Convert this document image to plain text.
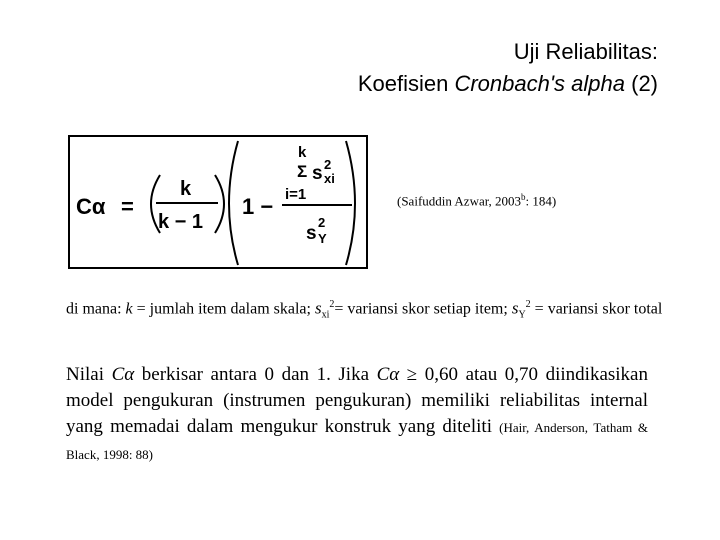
Uji Reliabilitas:
Koefisien Cronbach's alpha (2)
Cα =
k
k − 1
1 −
k
Σ s 2
xi
i=1
s
2
Y
(Saifuddin Azwar, 2003$^b$: 184)
di mana: k = jumlah item dalam skala; $s_{xi}^2=$ variansi skor setiap item; $s_Y^2$ = variansi skor total
Nilai Cα berkisar antara 0 dan 1. Jika Cα ≥ 0,60 atau 0,70 diindikasikan model pengukuran (instrumen pengukuran) memiliki reliabilitas internal yang memadai dalam mengukur konstruk yang diteliti (Hair, Anderson, Tatham & Black, 1998: 88)
